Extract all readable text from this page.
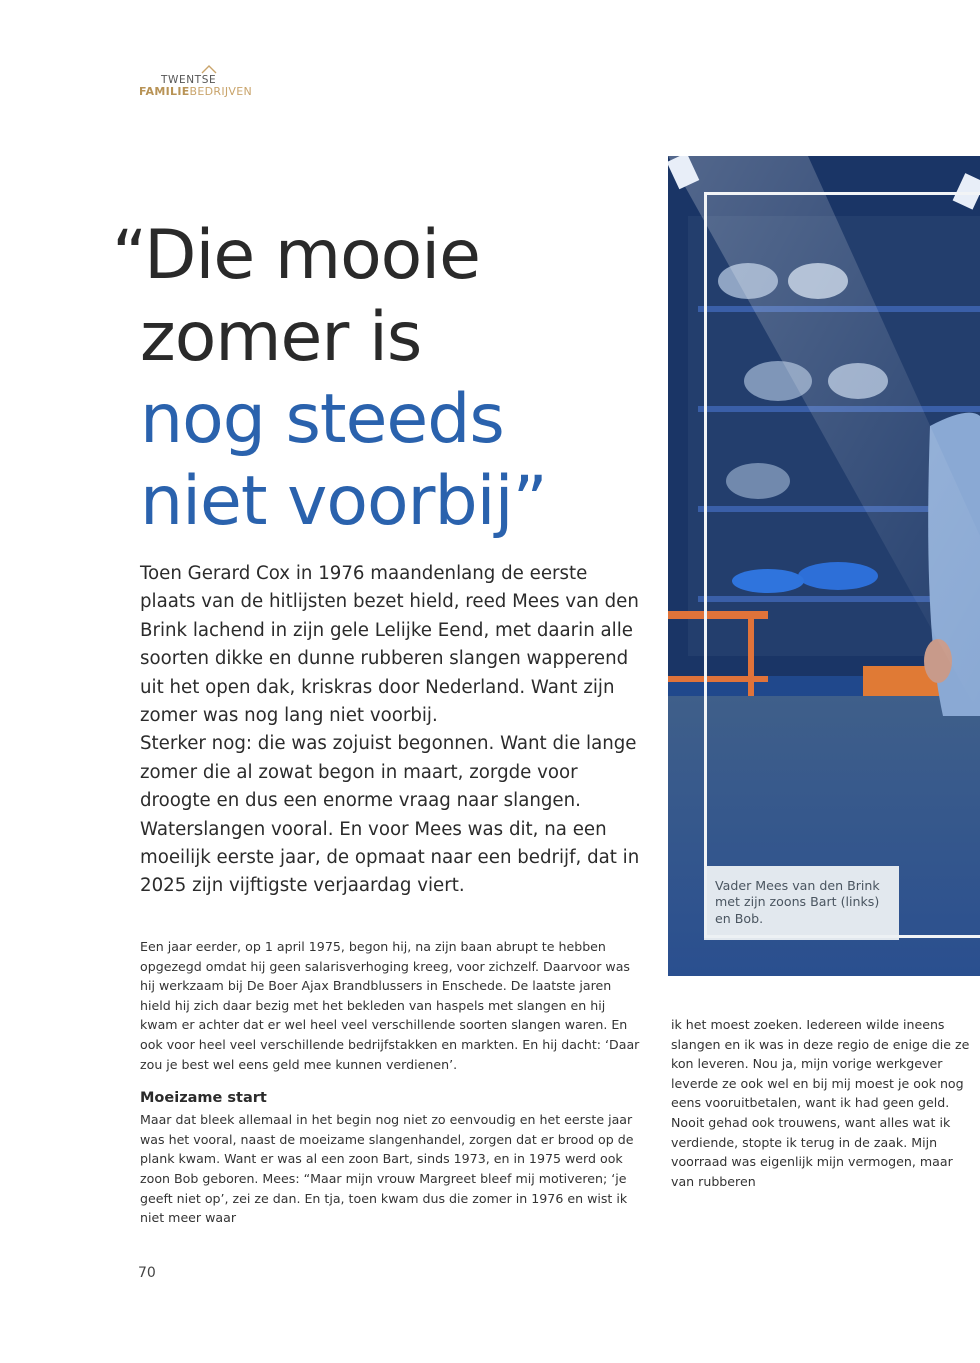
TWENTSE
FAMILIEBEDRIJVEN
“Die mooie
zomer is
nog steeds
niet voorbij”

Toen Gerard Cox in 1976 maandenlang de eerste plaats van de hitlijsten bezet hield, reed Mees van den Brink lachend in zijn gele Lelijke Eend, met daarin alle soorten dikke en dunne rubberen slangen wapperend uit het open dak, kriskras door Nederland. Want zijn zomer was nog lang niet voorbij.

Sterker nog: die was zojuist begonnen. Want die lange zomer die al zowat begon in maart, zorgde voor droogte en dus een enorme vraag naar slangen. Waterslangen vooral. En voor Mees was dit, na een moeilijk eerste jaar, de opmaat naar een bedrijf, dat in 2025 zijn vijftigste verjaardag viert.	Vader Mees van den Brink met zijn zoons Bart (links) en Bob.

Een jaar eerder, op 1 april 1975, begon hij, na zijn baan abrupt te hebben opgezegd omdat hij geen salarisverhoging kreeg, voor zichzelf. Daarvoor was hij werkzaam bij De Boer Ajax Brandblussers in Enschede. De laatste jaren hield hij zich daar bezig met het bekleden van haspels met slangen en hij kwam er achter dat er wel heel veel verschillende soorten slangen waren. En ook voor heel veel verschillende bedrijfstakken en markten. En hij dacht: ‘Daar zou je best wel eens geld mee kunnen verdienen’.

Moeizame start

Maar dat bleek allemaal in het begin nog niet zo eenvoudig en het eerste jaar was het vooral, naast de moeizame slangenhandel, zorgen dat er brood op de plank kwam. Want er was al een zoon Bart, sinds 1973, en in 1975 werd ook zoon Bob geboren. Mees: “Maar mijn vrouw Margreet bleef mij motiveren; ‘je geeft niet op’, zei ze dan. En tja, toen kwam dus die zomer in 1976 en wist ik niet meer waar

ik het moest zoeken. Iedereen wilde ineens slangen en ik was in deze regio de enige die ze kon leveren. Nou ja, mijn vorige werkgever leverde ze ook wel en bij mij moest je ook nog eens vooruitbetalen, want ik had geen geld. Nooit gehad ook trouwens, want alles wat ik verdiende, stopte ik terug in de zaak. Mijn voorraad was eigenlijk mijn vermogen, maar van rubberen

70
